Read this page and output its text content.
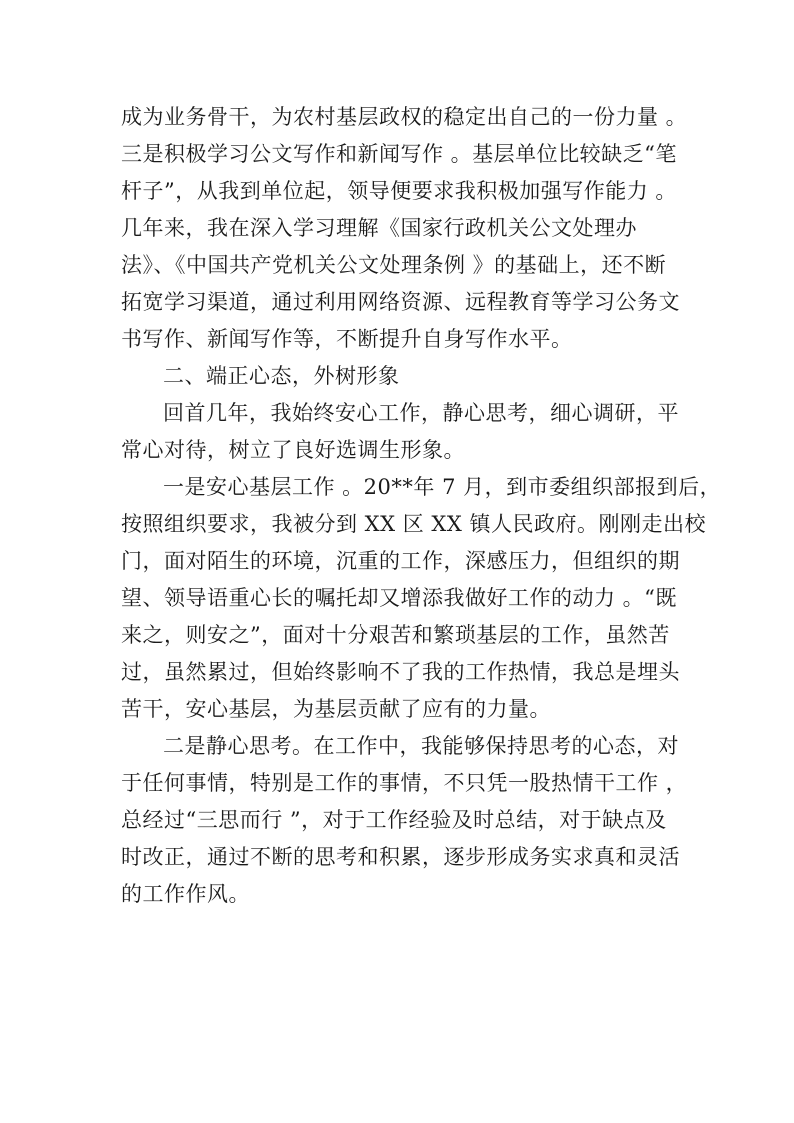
成为业务骨干，为农村基层政权的稳定出自己的一份力量 。
三是积极学习公文写作和新闻写作 。基层单位比较缺乏“笔
杆子”，从我到单位起，领导便要求我积极加强写作能力 。
几年来，我在深入学习理解《国家行政机关公文处理办
法》、《中国共产党机关公文处理条例 》的基础上，还不断
拓宽学习渠道，通过利用网络资源、远程教育等学习公务文
书写作、新闻写作等，不断提升自身写作水平。
二、端正心态，外树形象
回首几年，我始终安心工作，静心思考，细心调研，平
常心对待，树立了良好选调生形象。
一是安心基层工作 。20**年 7 月，到市委组织部报到后，
按照组织要求，我被分到 XX 区 XX 镇人民政府。刚刚走出校
门，面对陌生的环境，沉重的工作，深感压力，但组织的期
望、领导语重心长的嘱托却又增添我做好工作的动力 。“既
来之，则安之”，面对十分艰苦和繁琐基层的工作，虽然苦
过，虽然累过，但始终影响不了我的工作热情，我总是埋头
苦干，安心基层，为基层贡献了应有的力量。
二是静心思考。在工作中，我能够保持思考的心态，对
于任何事情，特别是工作的事情，不只凭一股热情干工作 ，
总经过“三思而行 ”，对于工作经验及时总结，对于缺点及
时改正，通过不断的思考和积累，逐步形成务实求真和灵活
的工作作风。
